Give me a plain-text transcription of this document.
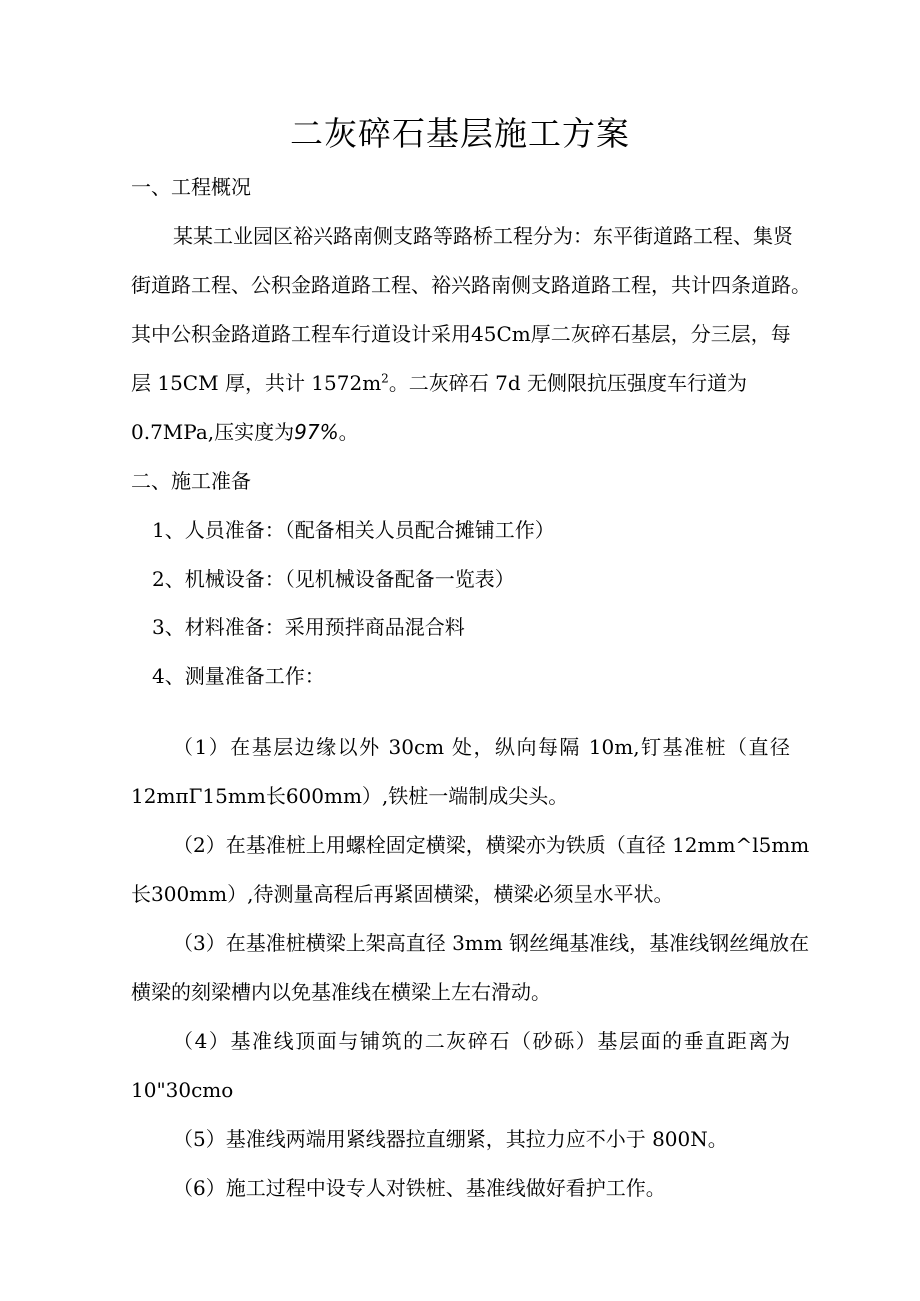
二灰碎石基层施工方案
一、工程概况
某某工业园区裕兴路南侧支路等路桥工程分为：东平街道路工程、集贤
街道路工程、公积金路道路工程、裕兴路南侧支路道路工程，共计四条道路。
其中公积金路道路工程车行道设计采用45Cm厚二灰碎石基层，分三层，每
层 15CM 厚，共计 $1572m^2$。二灰碎石 7d 无侧限抗压强度车行道为
0.7MPa,压实度为97%。
二、施工准备
1、人员准备：（配备相关人员配合摊铺工作）
2、机械设备：（见机械设备配备一览表）
3、材料准备：采用预拌商品混合料
4、测量准备工作：
（1）在基层边缘以外 30cm 处，纵向每隔 10m,钉基准桩（直径
12mπΓ15mm长600mm）,铁桩一端制成尖头。
（2）在基准桩上用螺栓固定横梁，横梁亦为铁质（直径 12mm^l5mm
长300mm）,待测量高程后再紧固横梁，横梁必须呈水平状。
（3）在基准桩横梁上架高直径 3mm 钢丝绳基准线，基准线钢丝绳放在
横梁的刻梁槽内以免基准线在横梁上左右滑动。
（4）基准线顶面与铺筑的二灰碎石（砂砾）基层面的垂直距离为
10"30cmo
（5）基准线两端用紧线器拉直绷紧，其拉力应不小于 800N。
（6）施工过程中设专人对铁桩、基准线做好看护工作。
